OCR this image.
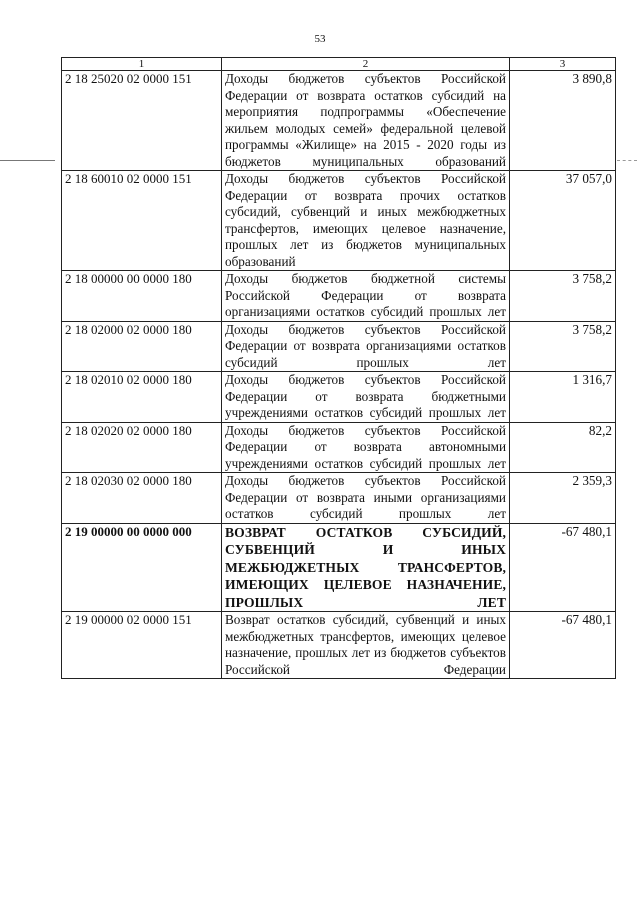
53
1	2	3
2 18 25020 02 0000 151	Доходы бюджетов субъектов Российской Федерации от возврата остатков субсидий на мероприятия подпрограммы «Обеспечение жильем молодых семей» федеральной целевой программы «Жилище» на 2015 - 2020 годы из бюджетов муниципальных образований	3 890,8
2 18 60010 02 0000 151	Доходы бюджетов субъектов Российской Федерации от возврата прочих остатков субсидий, субвенций и иных межбюджетных трансфертов, имеющих целевое назначение, прошлых лет из бюджетов муниципальных образований	37 057,0
2 18 00000 00 0000 180	Доходы бюджетов бюджетной системы Российской Федерации от возврата организациями остатков субсидий прошлых лет	3 758,2
2 18 02000 02 0000 180	Доходы бюджетов субъектов Российской Федерации от возврата организациями остатков субсидий прошлых лет	3 758,2
2 18 02010 02 0000 180	Доходы бюджетов субъектов Российской Федерации от возврата бюджетными учреждениями остатков субсидий прошлых лет	1 316,7
2 18 02020 02 0000 180	Доходы бюджетов субъектов Российской Федерации от возврата автономными учреждениями остатков субсидий прошлых лет	82,2
2 18 02030 02 0000 180	Доходы бюджетов субъектов Российской Федерации от возврата иными организациями остатков субсидий прошлых лет	2 359,3
2 19 00000 00 0000 000	ВОЗВРАТ ОСТАТКОВ СУБСИДИЙ, СУБВЕНЦИЙ И ИНЫХ МЕЖБЮДЖЕТНЫХ ТРАНСФЕРТОВ, ИМЕЮЩИХ ЦЕЛЕВОЕ НАЗНАЧЕНИЕ, ПРОШЛЫХ ЛЕТ	-67 480,1
2 19 00000 02 0000 151	Возврат остатков субсидий, субвенций и иных межбюджетных трансфертов, имеющих целевое назначение, прошлых лет из бюджетов субъектов Российской Федерации	-67 480,1
